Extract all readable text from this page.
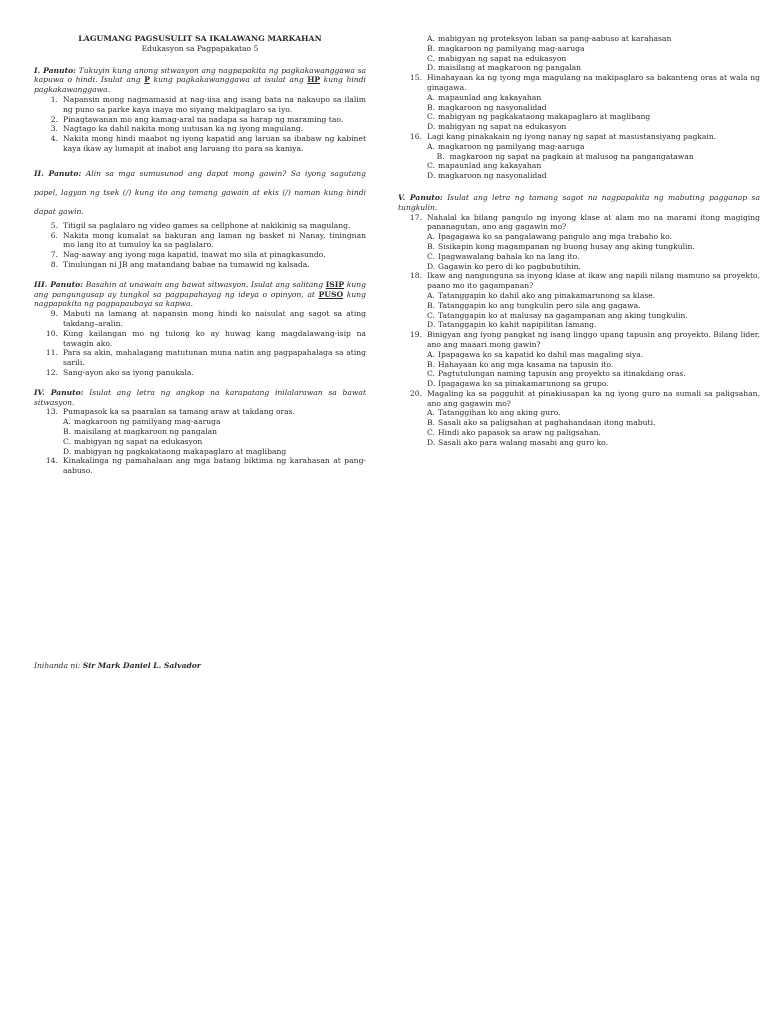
LAGUMANG PAGSUSULIT SA IKALAWANG MARKAHAN
Edukasyon sa Pagpapakatao 5
I. Panuto: Tukuyin kung anong sitwasyon ang nagpapakita ng pagkakawanggawa sa kapuwa o hindi. Isulat ang P kung pagkakawanggawa at isulat ang HP kung hindi pagkakawanggawa.
1. Napansin mong nagmamasid at nag-iisa ang isang bata na nakaupo sa ilalim ng puno sa parke kaya inaya mo siyang makipaglaro sa iyo.
2. Pinagtawanan mo ang kamag-aral na nadapa sa harap ng maraming tao.
3. Nagtago ka dahil nakita mong uutusan ka ng iyong magulang.
4. Nakita mong hindi maabot ng iyong kapatid ang laruan sa ibabaw ng kabinet kaya ikaw ay lumapit at inabot ang laruang ito para sa kaniya.
II. Panuto: Alin sa mga sumusunod ang dapat mong gawin? Sa iyong sagutang papel, lagyan ng tsek (/) kung ito ang tamang gawain at ekis (/) naman kung hindi dapat gawin.
5. Titigil sa paglalaro ng video games sa cellphone at nakikinig sa magulang.
6. Nakita mong kumalat sa bakuran ang laman ng basket ni Nanay, tiningnan mo lang ito at tumuloy ka sa paglalaro.
7. Nag-aaway ang iyong mga kapatid, inawat mo sila at pinagkasundo.
8. Tinulungan ni JB ang matandang babae na tumawid ng kalsada.
III. Panuto: Basahin at unawain ang bawat sitwasyon. Isulat ang salitang ISIP kung ang pangungusap ay tungkol sa pagpapahayag ng ideya o opinyon, at PUSO kung nagpapakita ng pagpapaubaya sa kapwa.
9. Mabuti na lamang at napansin mong hindi ko naisulat ang sagot sa ating takdang–aralin.
10. Kung kailangan mo ng tulong ko ay huwag kang magdalawang-isip na tawagin ako.
11. Para sa akin, mahalagang matutunan muna natin ang pagpapahalaga sa ating sarili.
12. Sang-ayon ako sa iyong panukala.
IV. Panuto: Isulat ang letra ng angkop na karapatang inilalarawan sa bawat sitwasyon.
13. Pumapasok ka sa paaralan sa tamang araw at takdang oras.
A. magkaroon ng pamilyang mag-aaruga
B. maisilang at magkaroon ng pangalan
C. mabigyan ng sapat na edukasyon
D. mabigyan ng pagkakataong makapaglaro at maglibang
14. Kinakalinga ng pamahalaan ang mga batang biktima ng karahasan at pang-aabuso.
A. mabigyan ng proteksyon laban sa pang-aabuso at karahasan
B. magkaroon ng pamilyang mag-aaruga
C. mabigyan ng sapat na edukasyon
D. maisilang at magkaroon ng pangalan
15. Hinahayaan ka ng iyong mga magulang na makipaglaro sa bakanteng oras at wala ng ginagawa.
A. mapaunlad ang kakayahan
B. magkaroon ng nasyonalidad
C. mabigyan ng pagkakataong makapaglaro at maglibang
D. mabigyan ng sapat na edukasyon
16. Lagi kang pinakakain ng iyong nanay ng sapat at masustansiyang pagkain.
A. magkaroon ng pamilyang mag-aaruga
B. magkaroon ng sapat na pagkain at malusog na pangangatawan
C. mapaunlad ang kakayahan
D. magkaroon ng nasyonalidad
V. Panuto: Isulat ang letra ng tamang sagot na nagpapakita ng mabuting pagganap sa tungkulin.
17. Nahalal ka bilang pangulo ng inyong klase at alam mo na marami itong magiging pananagutan, ano ang gagawin mo?
A. Ipagagawa ko sa pangalawang pangulo ang mga trabaho ko.
B. Sisikapin kong magampanan ng buong husay ang aking tungkulin.
C. Ipagwawalang bahala ko na lang ito.
D. Gagawin ko pero di ko pagbubutihin.
18. Ikaw ang nangunguna sa inyong klase at ikaw ang napili nilang mamuno sa proyekto, paano mo ito gagampanan?
A. Tatanggapin ko dahil ako ang pinakamarunong sa klase.
B. Tatanggapin ko ang tungkulin pero sila ang gagawa.
C. Tatanggapin ko at malusay na gagampanan ang aking tungkulin.
D. Tatanggapin ko kahit napipilitan lamang.
19. Binigyan ang iyong pangkat ng isang linggo upang tapusin ang proyekto. Bilang lider, ano ang maaari mong gawin?
A. Ipapagawa ko sa kapatid ko dahil mas magaling siya.
B. Hahayaan ko ang mga kasama na tapusin ito.
C. Pagtutulungan naming tapusin ang proyekto sa itinakdang oras.
D. Ipagagawa ko sa pinakamarunong sa grupo.
20. Magaling ka sa pagguhit at pinakiusapan ka ng iyong guro na sumali sa paligsahan, ano ang gagawin mo?
A. Tatanggihan ko ang aking guro.
B. Sasali ako sa paligsahan at paghahandaan itong mabuti.
C. Hindi ako papasok sa araw ng paligsahan.
D. Sasali ako para walang masabi ang guro ko.
Inihanda ni: Sir Mark Daniel L. Salvador
